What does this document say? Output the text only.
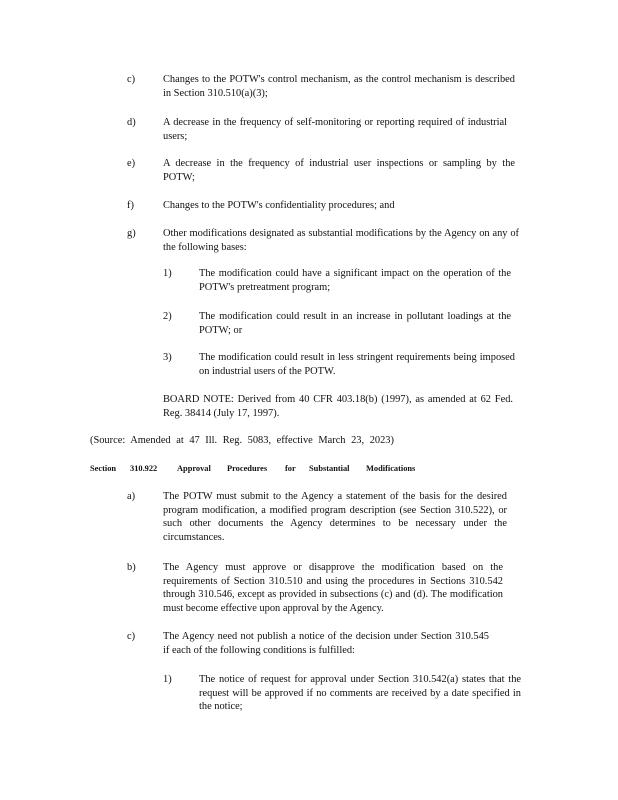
c)	Changes to the POTW's control mechanism, as the control mechanism is described in Section 310.510(a)(3);
d)	A decrease in the frequency of self-monitoring or reporting required of industrial users;
e)	A decrease in the frequency of industrial user inspections or sampling by the POTW;
f)	Changes to the POTW's confidentiality procedures; and
g)	Other modifications designated as substantial modifications by the Agency on any of the following bases:
1)	The modification could have a significant impact on the operation of the POTW's pretreatment program;
2)	The modification could result in an increase in pollutant loadings at the POTW; or
3)	The modification could result in less stringent requirements being imposed on industrial users of the POTW.
BOARD NOTE: Derived from 40 CFR 403.18(b) (1997), as amended at 62 Fed. Reg. 38414 (July 17, 1997).
(Source: Amended at 47 Ill. Reg. 5083, effective March 23, 2023)
Section	310.922	Approval	Procedures	for	Substantial	Modifications
a)	The POTW must submit to the Agency a statement of the basis for the desired program modification, a modified program description (see Section 310.522), or such other documents the Agency determines to be necessary under the circumstances.
b)	The Agency must approve or disapprove the modification based on the requirements of Section 310.510 and using the procedures in Sections 310.542 through 310.546, except as provided in subsections (c) and (d). The modification must become effective upon approval by the Agency.
c)	The Agency need not publish a notice of the decision under Section 310.545 if each of the following conditions is fulfilled:
1)	The notice of request for approval under Section 310.542(a) states that the request will be approved if no comments are received by a date specified in the notice;
